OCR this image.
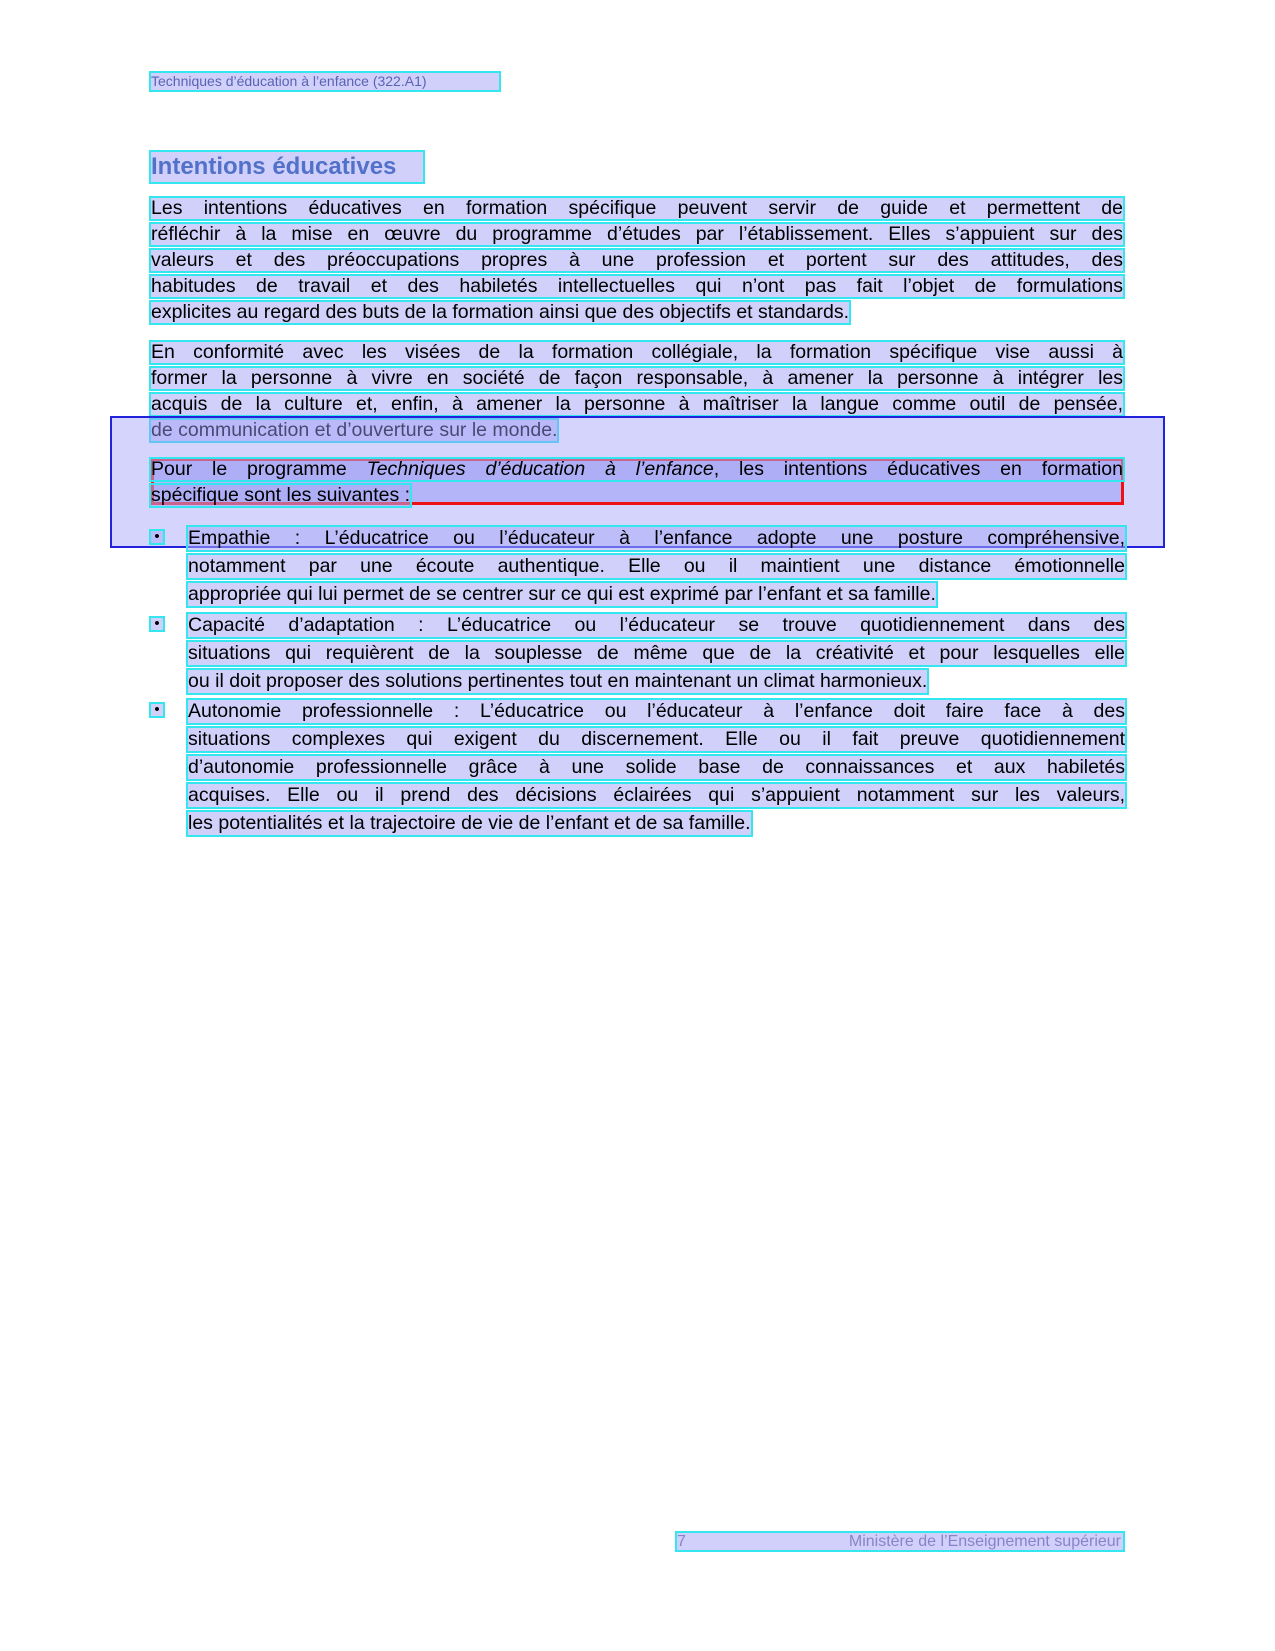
Techniques d’éducation à l’enfance (322.A1)
Intentions éducatives
Les intentions éducatives en formation spécifique peuvent servir de guide et permettent de
réfléchir à la mise en œuvre du programme d’études par l’établissement. Elles s’appuient sur des
valeurs et des préoccupations propres à une profession et portent sur des attitudes, des
habitudes de travail et des habiletés intellectuelles qui n’ont pas fait l’objet de formulations
explicites au regard des buts de la formation ainsi que des objectifs et standards.
En conformité avec les visées de la formation collégiale, la formation spécifique vise aussi à
former la personne à vivre en société de façon responsable, à amener la personne à intégrer les
acquis de la culture et, enfin, à amener la personne à maîtriser la langue comme outil de pensée,
de communication et d’ouverture sur le monde.
Pour le programme Techniques d’éducation à l’enfance, les intentions éducatives en formation
spécifique sont les suivantes :
• Empathie : L’éducatrice ou l’éducateur à l’enfance adopte une posture compréhensive,
notamment par une écoute authentique. Elle ou il maintient une distance émotionnelle
appropriée qui lui permet de se centrer sur ce qui est exprimé par l’enfant et sa famille.
• Capacité d’adaptation : L’éducatrice ou l’éducateur se trouve quotidiennement dans des
situations qui requièrent de la souplesse de même que de la créativité et pour lesquelles elle
ou il doit proposer des solutions pertinentes tout en maintenant un climat harmonieux.
• Autonomie professionnelle : L’éducatrice ou l’éducateur à l’enfance doit faire face à des
situations complexes qui exigent du discernement. Elle ou il fait preuve quotidiennement
d’autonomie professionnelle grâce à une solide base de connaissances et aux habiletés
acquises. Elle ou il prend des décisions éclairées qui s’appuient notamment sur les valeurs,
les potentialités et la trajectoire de vie de l’enfant et de sa famille.
7	Ministère de l’Enseignement supérieur
